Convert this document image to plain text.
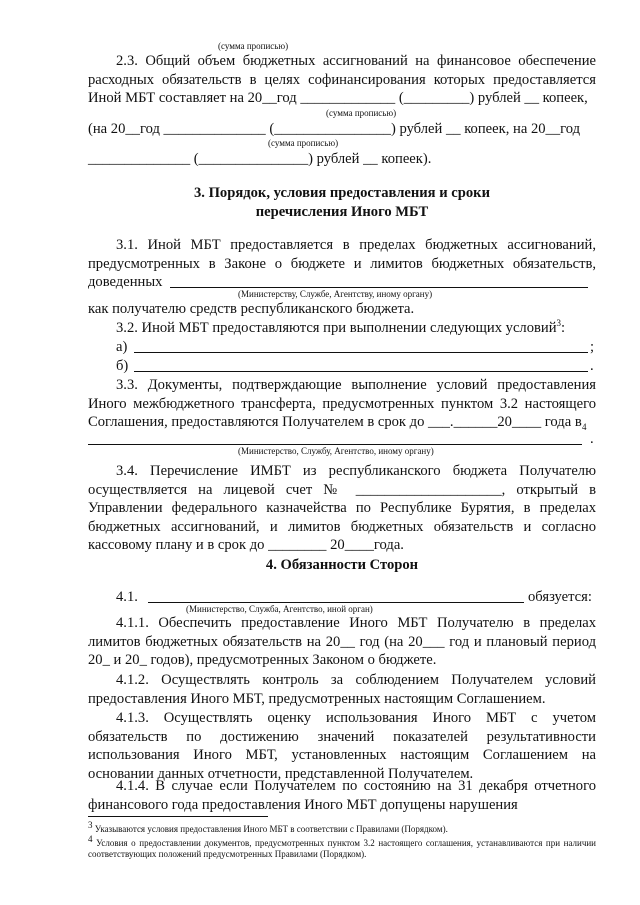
(сумма прописью)

2.3. Общий объем бюджетных ассигнований на финансовое обеспечение расходных обязательств в целях софинансирования которых предоставляется Иной МБТ составляет на 20__год _____________ (_________) рублей __ копеек,

(сумма прописью)

(на 20__год ______________ (________________) рублей __ копеек, на 20__год

(сумма прописью)

______________ (_______________) рублей __ копеек).

3. Порядок, условия предоставления и сроки

перечисления Иного МБТ

3.1. Иной МБТ предоставляется в пределах бюджетных ассигнований, предусмотренных в Законе о бюджете и лимитов бюджетных обязательств, доведенных

(Министерству, Службе, Агентству, иному органу)

как получателю средств республиканского бюджета.

3.2. Иной МБТ предоставляются при выполнении следующих условий$^3$:

а)	;

б)	.

3.3. Документы, подтверждающие выполнение условий предоставления Иного межбюджетного трансферта, предусмотренных пунктом 3.2 настоящего Соглашения, предоставляются Получателем в срок до ___.______20____ года в 4

.

(Министерство, Службу, Агентство, иному органу)

3.4. Перечисление ИМБТ из республиканского бюджета Получателю осуществляется на лицевой счет № ____________________, открытый в Управлении федерального казначейства по Республике Бурятия, в пределах бюджетных ассигнований, и лимитов бюджетных обязательств и согласно кассовому плану и в срок до ________ 20____года.

4. Обязанности Сторон

4.1.	обязуется:

(Министерство, Служба, Агентство, иной орган)

4.1.1. Обеспечить предоставление Иного МБТ Получателю в пределах лимитов бюджетных обязательств на 20__ год (на 20___ год и плановый период 20_ и 20_ годов), предусмотренных Законом о бюджете.

4.1.2. Осуществлять контроль за соблюдением Получателем условий предоставления Иного МБТ, предусмотренных настоящим Соглашением.

4.1.3. Осуществлять оценку использования Иного МБТ с учетом обязательств по достижению значений показателей результативности использования Иного МБТ, установленных настоящим Соглашением на основании данных отчетности, представленной Получателем.

4.1.4. В случае если Получателем по состоянию на 31 декабря отчетного финансового года предоставления Иного МБТ допущены нарушения

$^3$ Указываются условия предоставления Иного МБТ в соответствии с Правилами (Порядком).

$^4$ Условия о предоставлении документов, предусмотренных пунктом 3.2 настоящего соглашения, устанавливаются при наличии соответствующих положений предусмотренных Правилами (Порядком).
